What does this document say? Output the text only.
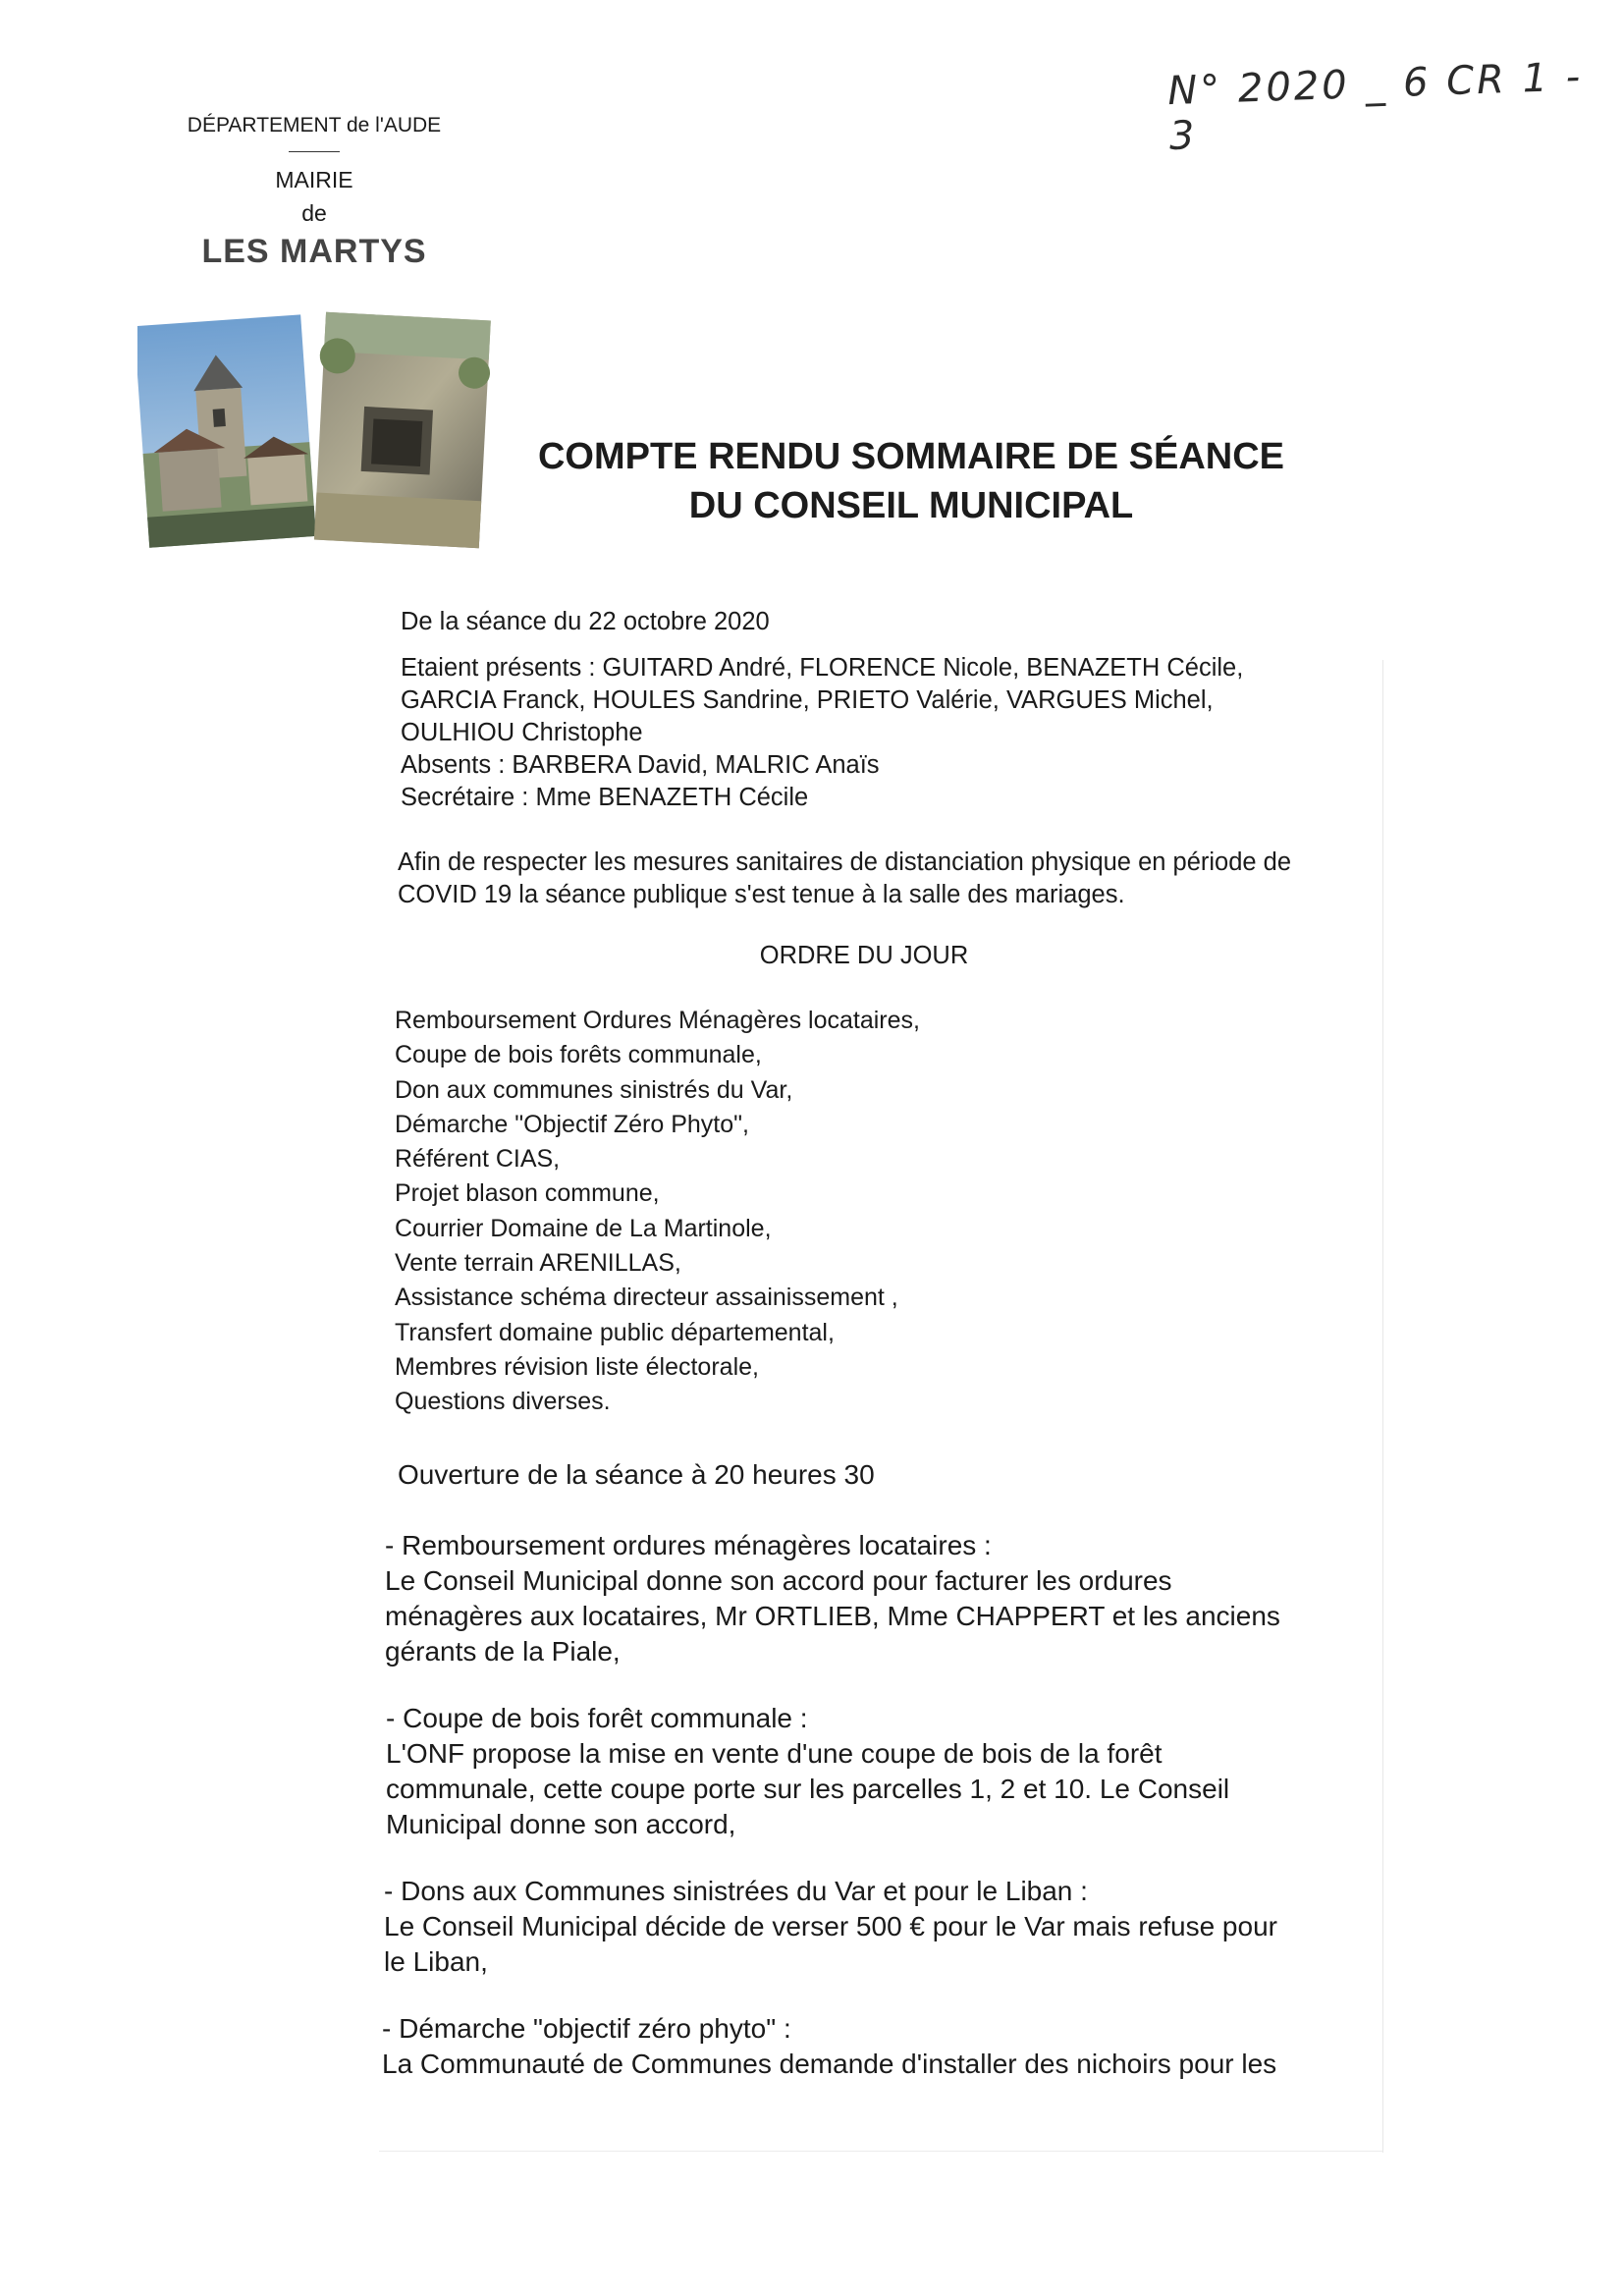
N° 2020 _ 6 CR 1 - 3
DÉPARTEMENT de l'AUDE
MAIRIE
de
LES MARTYS
COMPTE RENDU SOMMAIRE DE SÉANCE
DU CONSEIL MUNICIPAL
De la séance du 22 octobre 2020
Etaient présents : GUITARD André, FLORENCE Nicole, BENAZETH Cécile,
GARCIA Franck, HOULES Sandrine, PRIETO Valérie, VARGUES Michel,
OULHIOU Christophe
Absents : BARBERA David, MALRIC Anaïs
Secrétaire : Mme BENAZETH Cécile
Afin de respecter les mesures sanitaires de distanciation physique en période de
COVID 19 la séance publique s'est tenue à la salle des mariages.
ORDRE DU JOUR
Remboursement Ordures Ménagères locataires,
Coupe de bois forêts communale,
Don aux communes sinistrés du Var,
Démarche "Objectif Zéro Phyto",
Référent CIAS,
Projet blason commune,
Courrier Domaine de La Martinole,
Vente terrain ARENILLAS,
Assistance schéma directeur assainissement ,
Transfert domaine public départemental,
Membres révision liste électorale,
Questions diverses.
Ouverture de la séance à 20 heures 30
- Remboursement ordures ménagères locataires :
Le Conseil Municipal donne son accord pour facturer les ordures
ménagères aux locataires, Mr ORTLIEB, Mme CHAPPERT et les anciens
gérants de la Piale,
- Coupe de bois forêt communale :
L'ONF propose la mise en vente d'une coupe de bois de la forêt
communale, cette coupe porte sur les parcelles 1, 2 et 10. Le Conseil
Municipal donne son accord,
- Dons aux Communes sinistrées du Var et pour le Liban :
Le Conseil Municipal décide de verser 500 € pour le Var mais refuse pour
le Liban,
- Démarche "objectif zéro phyto" :
La Communauté de Communes demande d'installer des nichoirs pour les
